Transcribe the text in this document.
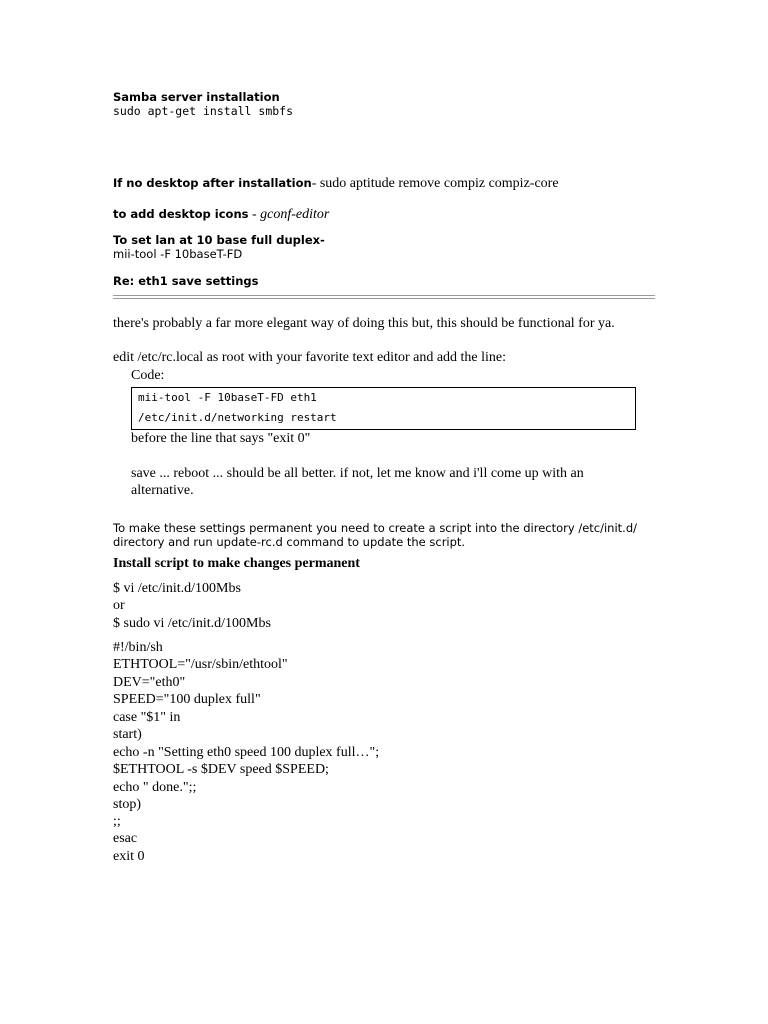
Samba server installation
sudo apt-get install smbfs
If no desktop after installation- sudo aptitude remove compiz compiz-core
to add desktop icons - gconf-editor
To set lan at 10 base full duplex-
mii-tool -F 10baseT-FD
Re: eth1 save settings
there's probably a far more elegant way of doing this but, this should be functional for ya.
edit /etc/rc.local as root with your favorite text editor and add the line:
Code:
mii-tool -F 10baseT-FD eth1
/etc/init.d/networking restart
before the line that says "exit 0"
save ... reboot ... should be all better. if not, let me know and i'll come up with an
alternative.
To make these settings permanent you need to create a script into the directory /etc/init.d/
directory and run update-rc.d command to update the script.
Install script to make changes permanent
$ vi /etc/init.d/100Mbs
or
$ sudo vi /etc/init.d/100Mbs
#!/bin/sh
ETHTOOL="/usr/sbin/ethtool"
DEV="eth0"
SPEED="100 duplex full"
case "$1" in
start)
echo -n "Setting eth0 speed 100 duplex full…";
$ETHTOOL -s $DEV speed $SPEED;
echo " done.";;
stop)
;;
esac
exit 0
